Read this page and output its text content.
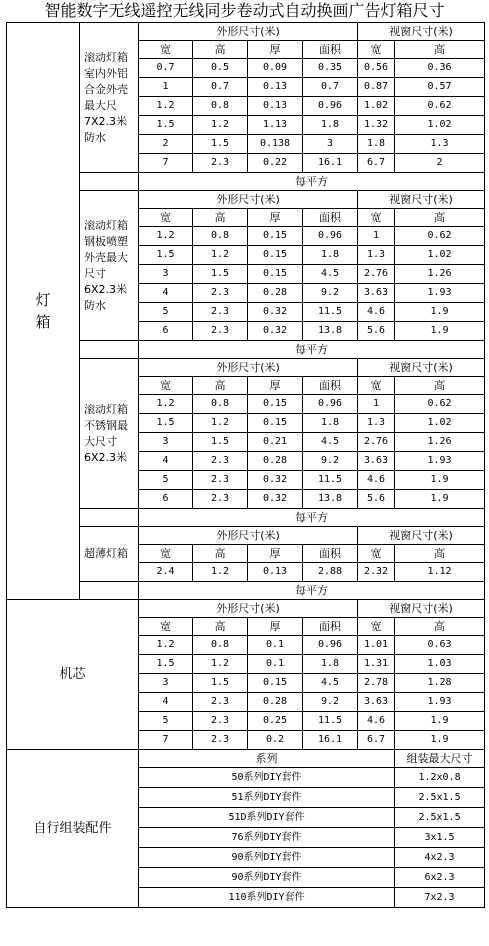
智能数字无线遥控无线同步卷动式自动换画广告灯箱尺寸
灯
箱	滚动灯箱室内外铝合金外壳最大尺7X2.3米防水	外形尺寸(米)				视窗尺寸(米)	
		宽	高	厚	面积	宽	高
		0.7	0.5	0.09	0.35	0.56	0.36
		1	0.7	0.13	0.7	0.87	0.57
		1.2	0.8	0.13	0.96	1.02	0.62
		1.5	1.2	1.13	1.8	1.32	1.02
		2	1.5	0.138	3	1.8	1.3
		7	2.3	0.22	16.1	6.7	2
		每平方					
	滚动灯箱钢板喷塑外壳最大尺寸6X2.3米防水	外形尺寸(米)				视窗尺寸(米)	
		宽	高	厚	面积	宽	高
		1.2	0.8	0.15	0.96	1	0.62
		1.5	1.2	0.15	1.8	1.3	1.02
		3	1.5	0.15	4.5	2.76	1.26
		4	2.3	0.28	9.2	3.63	1.93
		5	2.3	0.32	11.5	4.6	1.9
		6	2.3	0.32	13.8	5.6	1.9
		每平方					
	滚动灯箱不锈钢最大尺寸6X2.3米	外形尺寸(米)				视窗尺寸(米)	
		宽	高	厚	面积	宽	高
		1.2	0.8	0.15	0.96	1	0.62
		1.5	1.2	0.15	1.8	1.3	1.02
		3	1.5	0.21	4.5	2.76	1.26
		4	2.3	0.28	9.2	3.63	1.93
		5	2.3	0.32	11.5	4.6	1.9
		6	2.3	0.32	13.8	5.6	1.9
		每平方					
	超薄灯箱	外形尺寸(米)				视窗尺寸(米)	
		宽	高	厚	面积	宽	高
		2.4	1.2	0.13	2.88	2.32	1.12
		每平方					
机芯		外形尺寸(米)				视窗尺寸(米)	
		宽	高	厚	面积	宽	高
		1.2	0.8	0.1	0.96	1.01	0.63
		1.5	1.2	0.1	1.8	1.31	1.03
		3	1.5	0.15	4.5	2.78	1.28
		4	2.3	0.28	9.2	3.63	1.93
		5	2.3	0.25	11.5	4.6	1.9
		7	2.3	0.2	16.1	6.7	1.9
自行组装配件		系列					组装最大尺寸
		50系列DIY套件					1.2x0.8
		51系列DIY套件					2.5x1.5
		51D系列DIY套件					2.5x1.5
		76系列DIY套件					3x1.5
		90系列DIY套件					4x2.3
		90系列DIY套件					6x2.3
		110系列DIY套件					7x2.3
